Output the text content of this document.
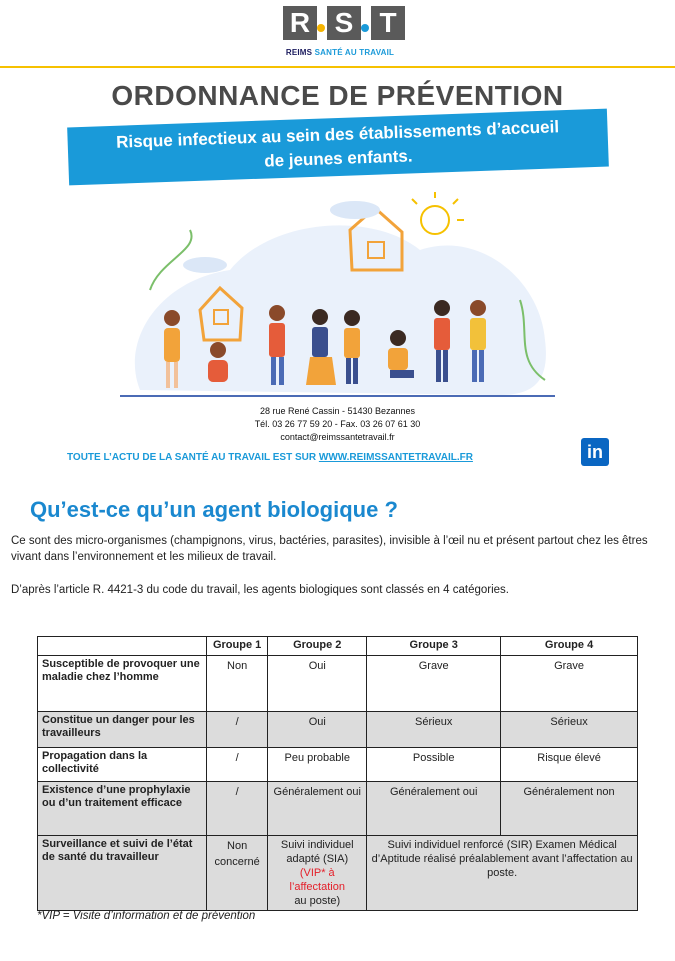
R S T
REIMS SANTÉ AU TRAVAIL
ORDONNANCE DE PRÉVENTION
Risque infectieux au sein des établissements d’accueil
de jeunes enfants.
28 rue René Cassin - 51430 Bezannes
Tél. 03 26 77 59 20 - Fax. 03 26 07 61 30
contact@reimssantetravail.fr
TOUTE L’ACTU DE LA SANTÉ AU TRAVAIL EST SUR WWW.REIMSSANTETRAVAIL.FR	in
Qu’est-ce qu’un agent biologique ?
Ce sont des micro-organismes (champignons, virus, bactéries, parasites), invisible à l’œil nu et présent partout chez les êtres vivant dans l’environnement et les milieux de travail.
D’après l’article R. 4421-3 du code du travail, les agents biologiques sont classés en 4 catégories.
	Groupe 1	Groupe 2	Groupe 3	Groupe 4
Susceptible de provoquer une maladie chez l’homme	Non	Oui	Grave	Grave
Constitue un danger pour les travailleurs	/	Oui	Sérieux	Sérieux
Propagation dans la collectivité	/	Peu probable	Possible	Risque élevé
Existence d’une prophylaxie ou d’un traitement efficace	/	Généralement oui	Généralement oui	Généralement non
Surveillance et suivi de l’état de santé du travailleur	Non concerné	Suivi individuel adapté (SIA)
(VIP* à l’affectation
au poste)	Suivi individuel renforcé (SIR) Examen Médical d’Aptitude réalisé préalablement avant l’affectation au poste.	
*VIP = Visite d’information et de prévention
